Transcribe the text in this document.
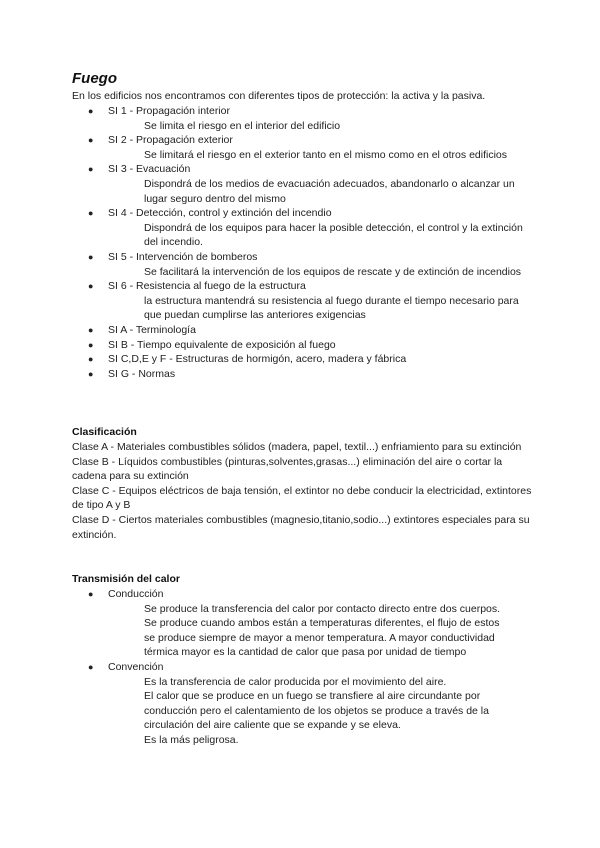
Fuego
En los edificios nos encontramos con diferentes tipos de protección: la activa y la pasiva.
●	SI 1 - Propagación interior
Se limita el riesgo en el interior del edificio
●	SI 2 - Propagación exterior
Se limitará el riesgo en el exterior tanto en el mismo como en el otros edificios
●	SI 3 - Evacuación
Dispondrá de los medios de evacuación adecuados, abandonarlo o alcanzar un lugar seguro dentro del mismo
●	SI 4 - Detección, control y extinción del incendio
Dispondrá de los equipos para hacer la posible detección, el control y la extinción del incendio.
●	SI 5 - Intervención de bomberos
Se facilitará la intervención de los equipos de rescate y de extinción de incendios
●	SI 6 - Resistencia al fuego de la estructura
la estructura mantendrá su resistencia al fuego durante el tiempo necesario para que puedan cumplirse las anteriores exigencias
●	SI A - Terminología
●	SI B - Tiempo equivalente de exposición al fuego
●	SI C,D,E y F - Estructuras de hormigón, acero, madera y fábrica
●	SI G - Normas
Clasificación
Clase A - Materiales combustibles sólidos (madera, papel, textil...) enfriamiento para su extinción
Clase B - Líquidos combustibles (pinturas,solventes,grasas...) eliminación del aire o cortar la cadena para su extinción
Clase C - Equipos eléctricos de baja tensión, el extintor no debe conducir la electricidad, extintores de tipo A y B
Clase D - Ciertos materiales combustibles (magnesio,titanio,sodio...) extintores especiales para su extinción.
Transmisión del calor
●	Conducción
Se produce la transferencia del calor por contacto directo entre dos cuerpos.
Se produce cuando ambos están a temperaturas diferentes, el flujo de estos
se produce siempre de mayor a menor temperatura. A mayor conductividad
térmica mayor es la cantidad de calor que pasa por unidad de tiempo
●	Convención
Es la transferencia de calor producida por el movimiento del aire.
El calor que se produce en un fuego se transfiere al aire circundante por
conducción pero el calentamiento de los objetos se produce a través de la
circulación del aire caliente que se expande y se eleva.
Es la más peligrosa.
